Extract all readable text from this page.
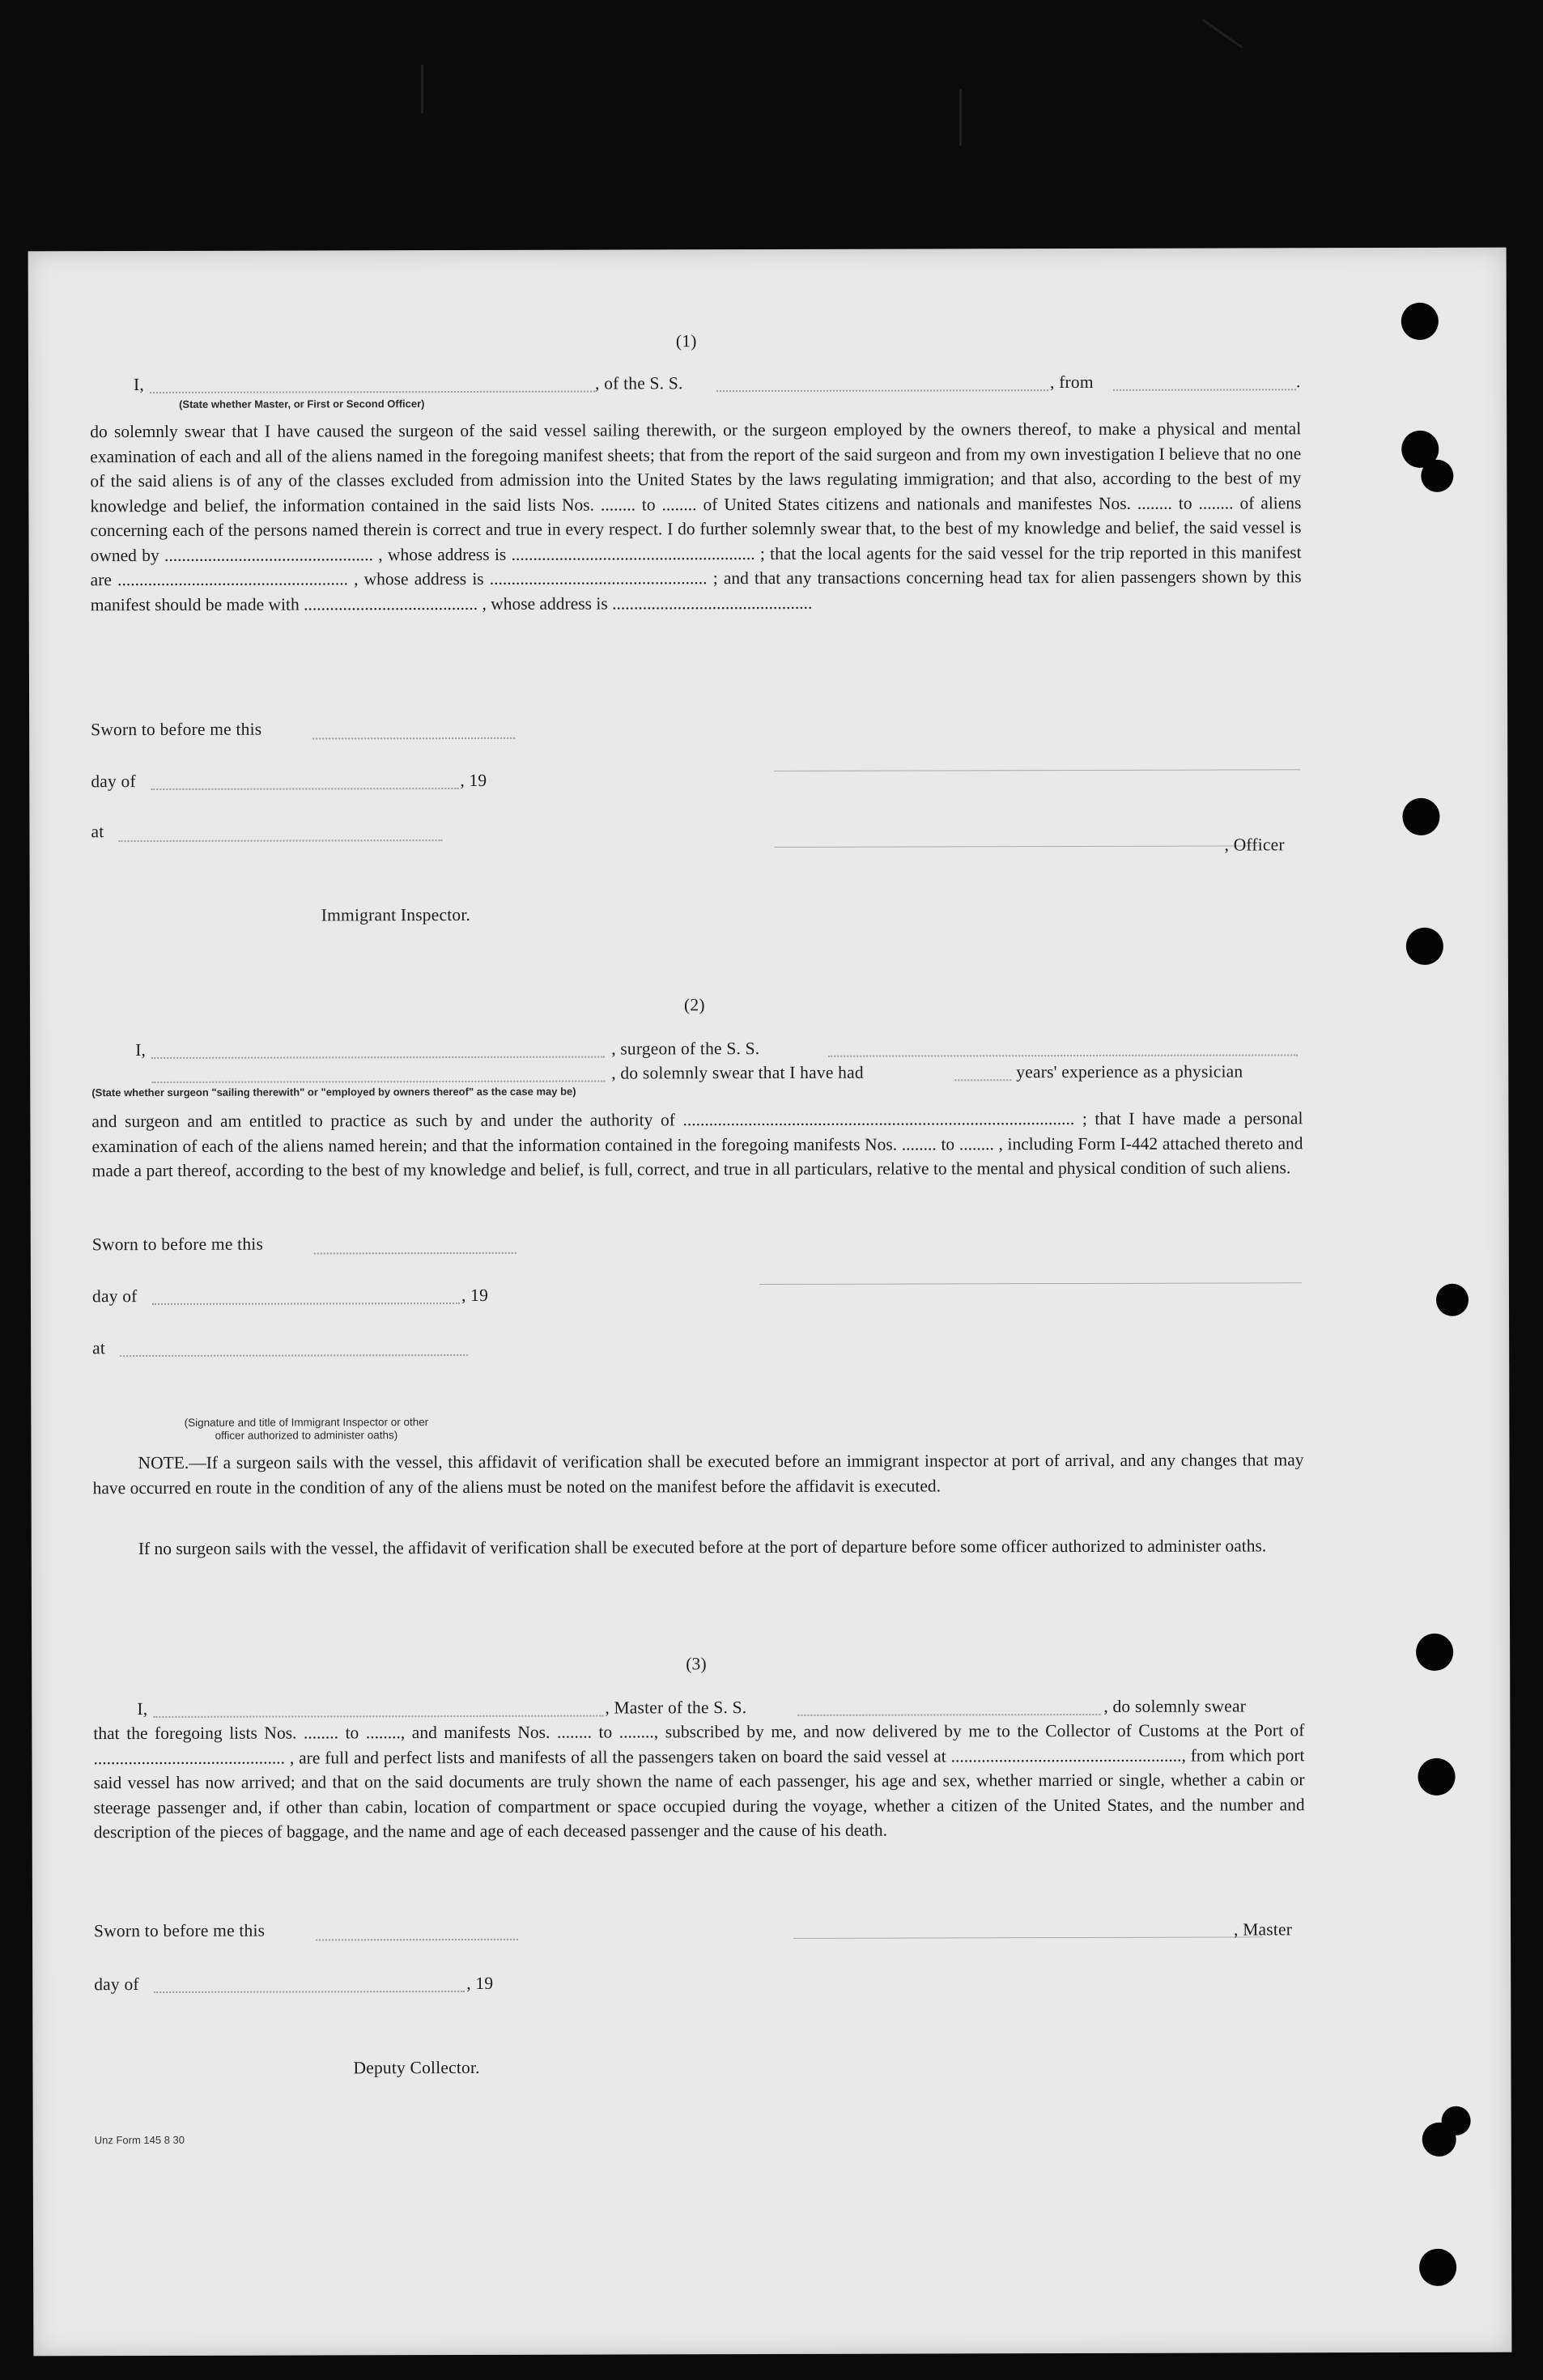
(1)
I,	, of the S. S.	, from	.
(State whether Master, or First or Second Officer)
do solemnly swear that I have caused the surgeon of the said vessel sailing therewith, or the surgeon employed by the owners thereof, to make a physical and mental examination of each and all of the aliens named in the foregoing manifest sheets; that from the report of the said surgeon and from my own investigation I believe that no one of the said aliens is of any of the classes excluded from admission into the United States by the laws regulating immigration; and that also, according to the best of my knowledge and belief, the information contained in the said lists Nos. ........ to ........ of United States citizens and nationals and manifestes Nos. ........ to ........ of aliens concerning each of the persons named therein is correct and true in every respect. I do further solemnly swear that, to the best of my knowledge and belief, the said vessel is owned by ................................................ , whose address is ........................................................ ; that the local agents for the said vessel for the trip reported in this manifest are ..................................................... , whose address is .................................................. ; and that any transactions concerning head tax for alien passengers shown by this manifest should be made with ........................................ , whose address is ..............................................
Sworn to before me this
day of	, 19
at
, Officer
Immigrant Inspector.
(2)
I,	, surgeon of the S. S.
, do solemnly swear that I have had	years' experience as a physician
(State whether surgeon "sailing therewith" or "employed by owners thereof" as the case may be)
and surgeon and am entitled to practice as such by and under the authority of .......................................................................................... ; that I have made a personal examination of each of the aliens named herein; and that the information contained in the foregoing manifests Nos. ........ to ........ , including Form I-442 attached thereto and made a part thereof, according to the best of my knowledge and belief, is full, correct, and true in all particulars, relative to the mental and physical condition of such aliens.
Sworn to before me this
day of	, 19
at
(Signature and title of Immigrant Inspector or other
officer authorized to administer oaths)
NOTE.—If a surgeon sails with the vessel, this affidavit of verification shall be executed before an immigrant inspector at port of arrival, and any changes that may have occurred en route in the condition of any of the aliens must be noted on the manifest before the affidavit is executed.
If no surgeon sails with the vessel, the affidavit of verification shall be executed before at the port of departure before some officer authorized to administer oaths.
(3)
I,	, Master of the S. S.	, do solemnly swear
that the foregoing lists Nos. ........ to ........, and manifests Nos. ........ to ........, subscribed by me, and now delivered by me to the Collector of Customs at the Port of ............................................ , are full and perfect lists and manifests of all the passengers taken on board the said vessel at ....................................................., from which port said vessel has now arrived; and that on the said documents are truly shown the name of each passenger, his age and sex, whether married or single, whether a cabin or steerage passenger and, if other than cabin, location of compartment or space occupied during the voyage, whether a citizen of the United States, and the number and description of the pieces of baggage, and the name and age of each deceased passenger and the cause of his death.
Sworn to before me this	, Master
day of	, 19
Deputy Collector.
Unz Form 145 8 30
